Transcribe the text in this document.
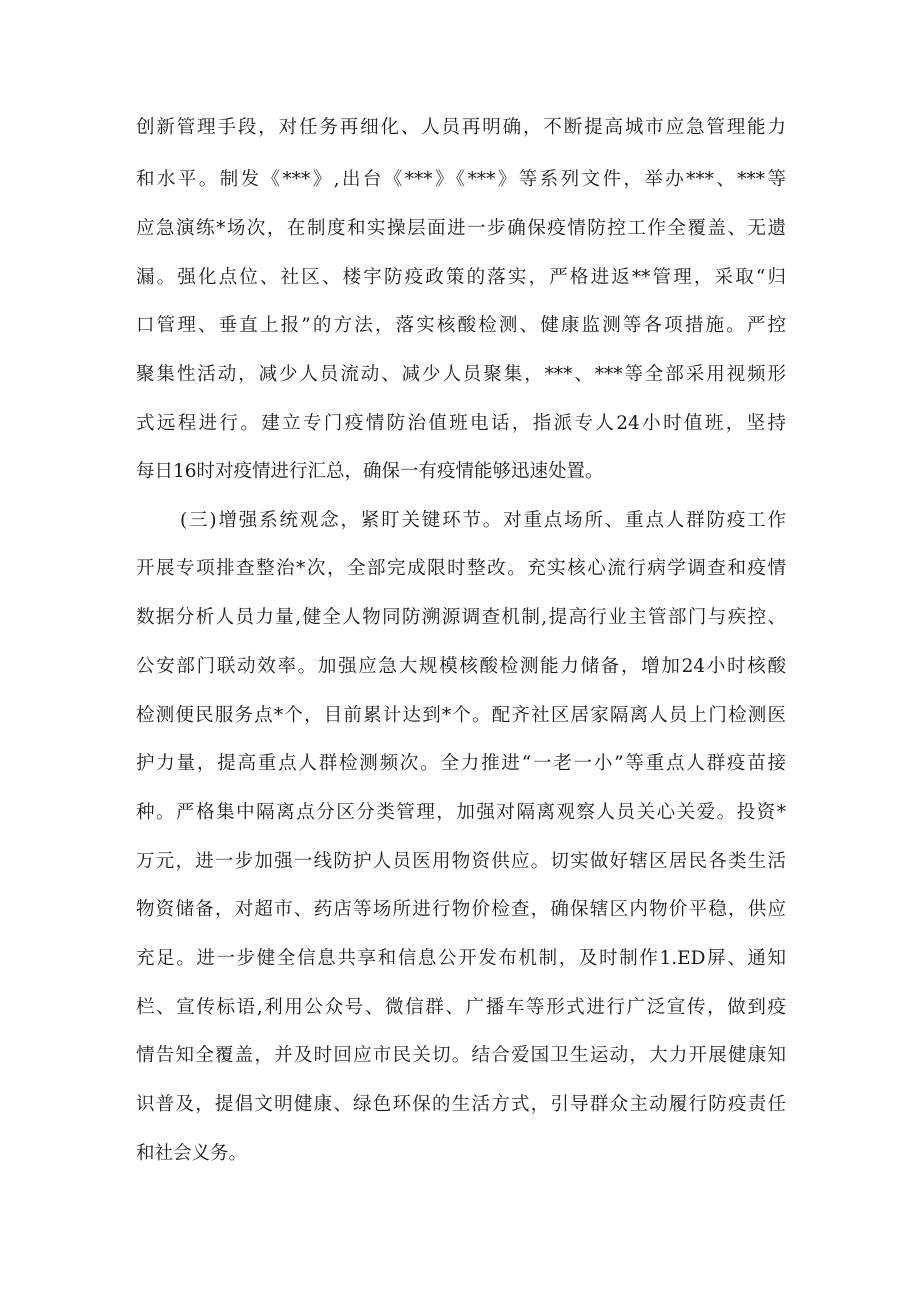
创新管理手段，对任务再细化、人员再明确，不断提高城市应急管理能力
和水平。制发《***》,出台《***》《***》等系列文件，举办***、***等
应急演练*场次，在制度和实操层面进一步确保疫情防控工作全覆盖、无遗
漏。强化点位、社区、楼宇防疫政策的落实，严格进返**管理，采取“归
口管理、垂直上报”的方法，落实核酸检测、健康监测等各项措施。严控
聚集性活动，减少人员流动、减少人员聚集，***、***等全部采用视频形
式远程进行。建立专门疫情防治值班电话，指派专人24小时值班，坚持
每日16时对疫情进行汇总，确保一有疫情能够迅速处置。
(三)增强系统观念，紧盯关键环节。对重点场所、重点人群防疫工作
开展专项排查整治*次，全部完成限时整改。充实核心流行病学调查和疫情
数据分析人员力量,健全人物同防溯源调查机制,提高行业主管部门与疾控、
公安部门联动效率。加强应急大规模核酸检测能力储备，增加24小时核酸
检测便民服务点*个，目前累计达到*个。配齐社区居家隔离人员上门检测医
护力量，提高重点人群检测频次。全力推进“一老一小”等重点人群疫苗接
种。严格集中隔离点分区分类管理，加强对隔离观察人员关心关爱。投资*
万元，进一步加强一线防护人员医用物资供应。切实做好辖区居民各类生活
物资储备，对超市、药店等场所进行物价检查，确保辖区内物价平稳，供应
充足。进一步健全信息共享和信息公开发布机制，及时制作1.ED屏、通知
栏、宣传标语,利用公众号、微信群、广播车等形式进行广泛宣传，做到疫
情告知全覆盖，并及时回应市民关切。结合爱国卫生运动，大力开展健康知
识普及，提倡文明健康、绿色环保的生活方式，引导群众主动履行防疫责任
和社会义务。
